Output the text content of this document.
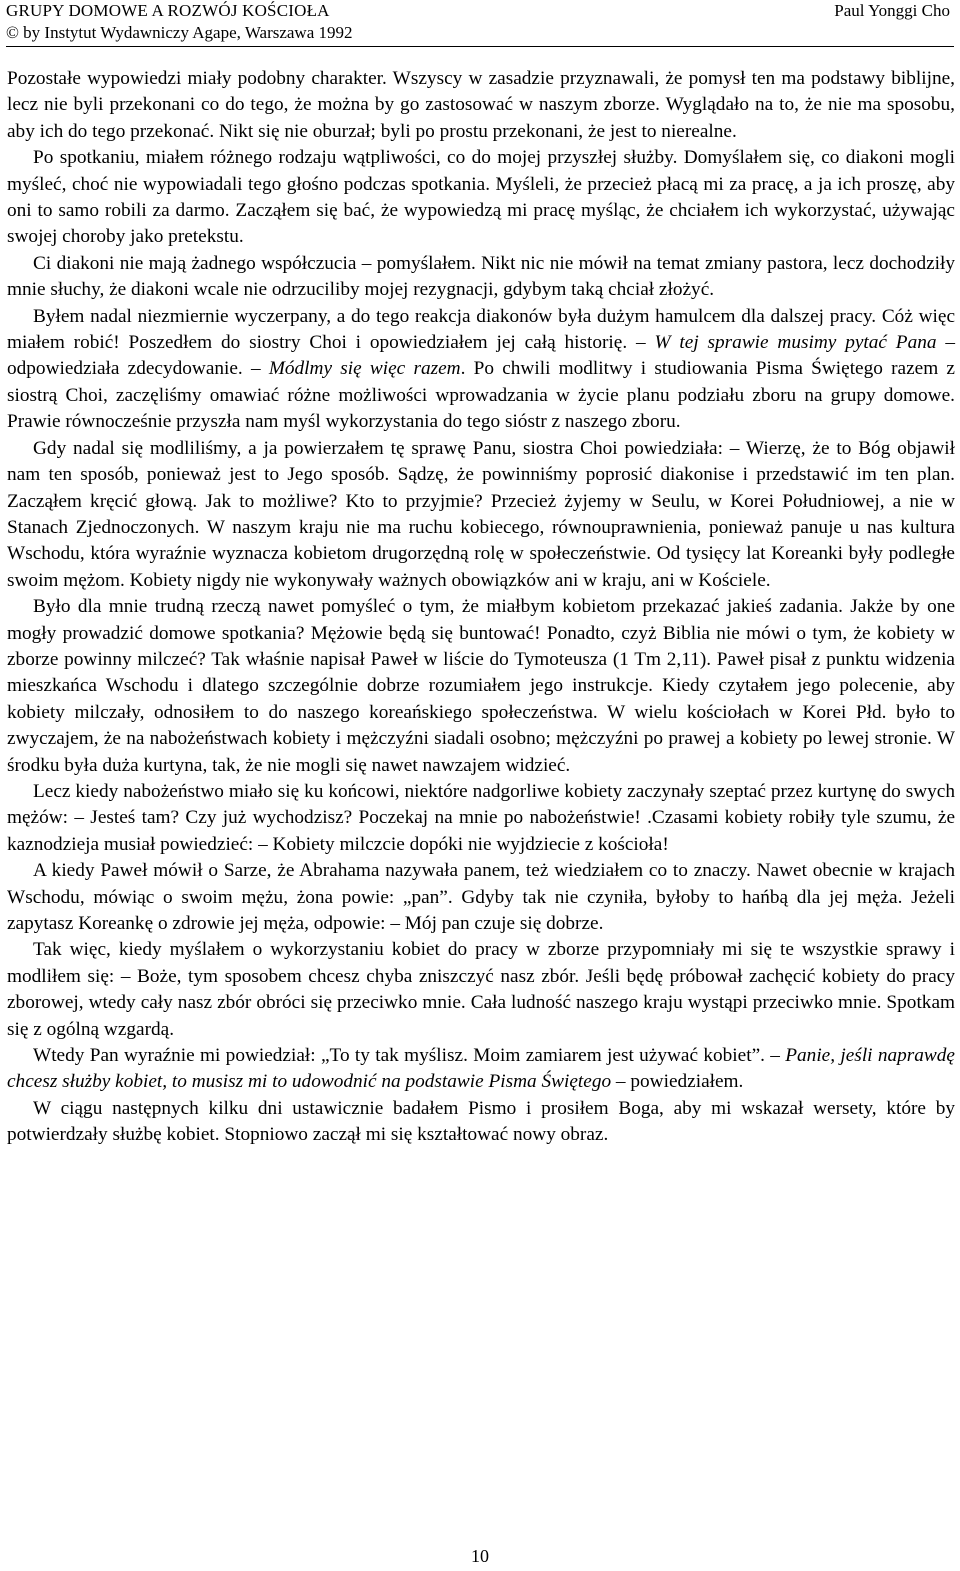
GRUPY DOMOWE A ROZWÓJ KOŚCIOŁA	Paul Yonggi Cho
© by Instytut Wydawniczy Agape, Warszawa 1992

Pozostałe wypowiedzi miały podobny charakter. Wszyscy w zasadzie przyznawali, że pomysł ten ma podstawy biblijne, lecz nie byli przekonani co do tego, że można by go zastosować w naszym zborze. Wyglądało na to, że nie ma sposobu, aby ich do tego przekonać. Nikt się nie oburzał; byli po prostu przekonani, że jest to nierealne.

Po spotkaniu, miałem różnego rodzaju wątpliwości, co do mojej przyszłej służby. Domyślałem się, co diakoni mogli myśleć, choć nie wypowiadali tego głośno podczas spotkania. Myśleli, że przecież płacą mi za pracę, a ja ich proszę, aby oni to samo robili za darmo. Zacząłem się bać, że wypowiedzą mi pracę myśląc, że chciałem ich wykorzystać, używając swojej choroby jako pretekstu.

Ci diakoni nie mają żadnego współczucia – pomyślałem. Nikt nic nie mówił na temat zmiany pastora, lecz dochodziły mnie słuchy, że diakoni wcale nie odrzuciliby mojej rezygnacji, gdybym taką chciał złożyć.

Byłem nadal niezmiernie wyczerpany, a do tego reakcja diakonów była dużym hamulcem dla dalszej pracy. Cóż więc miałem robić! Poszedłem do siostry Choi i opowiedziałem jej całą historię. – W tej sprawie musimy pytać Pana – odpowiedziała zdecydowanie. – Módlmy się więc razem. Po chwili modlitwy i studiowania Pisma Świętego razem z siostrą Choi, zaczęliśmy omawiać różne możliwości wprowadzania w życie planu podziału zboru na grupy domowe. Prawie równocześnie przyszła nam myśl wykorzystania do tego sióstr z naszego zboru.

Gdy nadal się modliliśmy, a ja powierzałem tę sprawę Panu, siostra Choi powiedziała: – Wierzę, że to Bóg objawił nam ten sposób, ponieważ jest to Jego sposób. Sądzę, że powinniśmy poprosić diakonise i przedstawić im ten plan. Zacząłem kręcić głową. Jak to możliwe? Kto to przyjmie? Przecież żyjemy w Seulu, w Korei Południowej, a nie w Stanach Zjednoczonych. W naszym kraju nie ma ruchu kobiecego, równouprawnienia, ponieważ panuje u nas kultura Wschodu, która wyraźnie wyznacza kobietom drugorzędną rolę w społeczeństwie. Od tysięcy lat Koreanki były podległe swoim mężom. Kobiety nigdy nie wykonywały ważnych obowiązków ani w kraju, ani w Kościele.

Było dla mnie trudną rzeczą nawet pomyśleć o tym, że miałbym kobietom przekazać jakieś zadania. Jakże by one mogły prowadzić domowe spotkania? Mężowie będą się buntować! Ponadto, czyż Biblia nie mówi o tym, że kobiety w zborze powinny milczeć? Tak właśnie napisał Paweł w liście do Tymoteusza (1 Tm 2,11). Paweł pisał z punktu widzenia mieszkańca Wschodu i dlatego szczególnie dobrze rozumiałem jego instrukcje. Kiedy czytałem jego polecenie, aby kobiety milczały, odnosiłem to do naszego koreańskiego społeczeństwa. W wielu kościołach w Korei Płd. było to zwyczajem, że na nabożeństwach kobiety i mężczyźni siadali osobno; mężczyźni po prawej a kobiety po lewej stronie. W środku była duża kurtyna, tak, że nie mogli się nawet nawzajem widzieć.

Lecz kiedy nabożeństwo miało się ku końcowi, niektóre nadgorliwe kobiety zaczynały szeptać przez kurtynę do swych mężów: – Jesteś tam? Czy już wychodzisz? Poczekaj na mnie po nabożeństwie! .Czasami kobiety robiły tyle szumu, że kaznodzieja musiał powiedzieć: – Kobiety milczcie dopóki nie wyjdziecie z kościoła!

A kiedy Paweł mówił o Sarze, że Abrahama nazywała panem, też wiedziałem co to znaczy. Nawet obecnie w krajach Wschodu, mówiąc o swoim mężu, żona powie: „pan”. Gdyby tak nie czyniła, byłoby to hańbą dla jej męża. Jeżeli zapytasz Koreankę o zdrowie jej męża, odpowie: – Mój pan czuje się dobrze.

Tak więc, kiedy myślałem o wykorzystaniu kobiet do pracy w zborze przypomniały mi się te wszystkie sprawy i modliłem się: – Boże, tym sposobem chcesz chyba zniszczyć nasz zbór. Jeśli będę próbował zachęcić kobiety do pracy zborowej, wtedy cały nasz zbór obróci się przeciwko mnie. Cała ludność naszego kraju wystąpi przeciwko mnie. Spotkam się z ogólną wzgardą.

Wtedy Pan wyraźnie mi powiedział: „To ty tak myślisz. Moim zamiarem jest używać kobiet”. – Panie, jeśli naprawdę chcesz służby kobiet, to musisz mi to udowodnić na podstawie Pisma Świętego – powiedziałem.

W ciągu następnych kilku dni ustawicznie badałem Pismo i prosiłem Boga, aby mi wskazał wersety, które by potwierdzały służbę kobiet. Stopniowo zaczął mi się kształtować nowy obraz.

10
